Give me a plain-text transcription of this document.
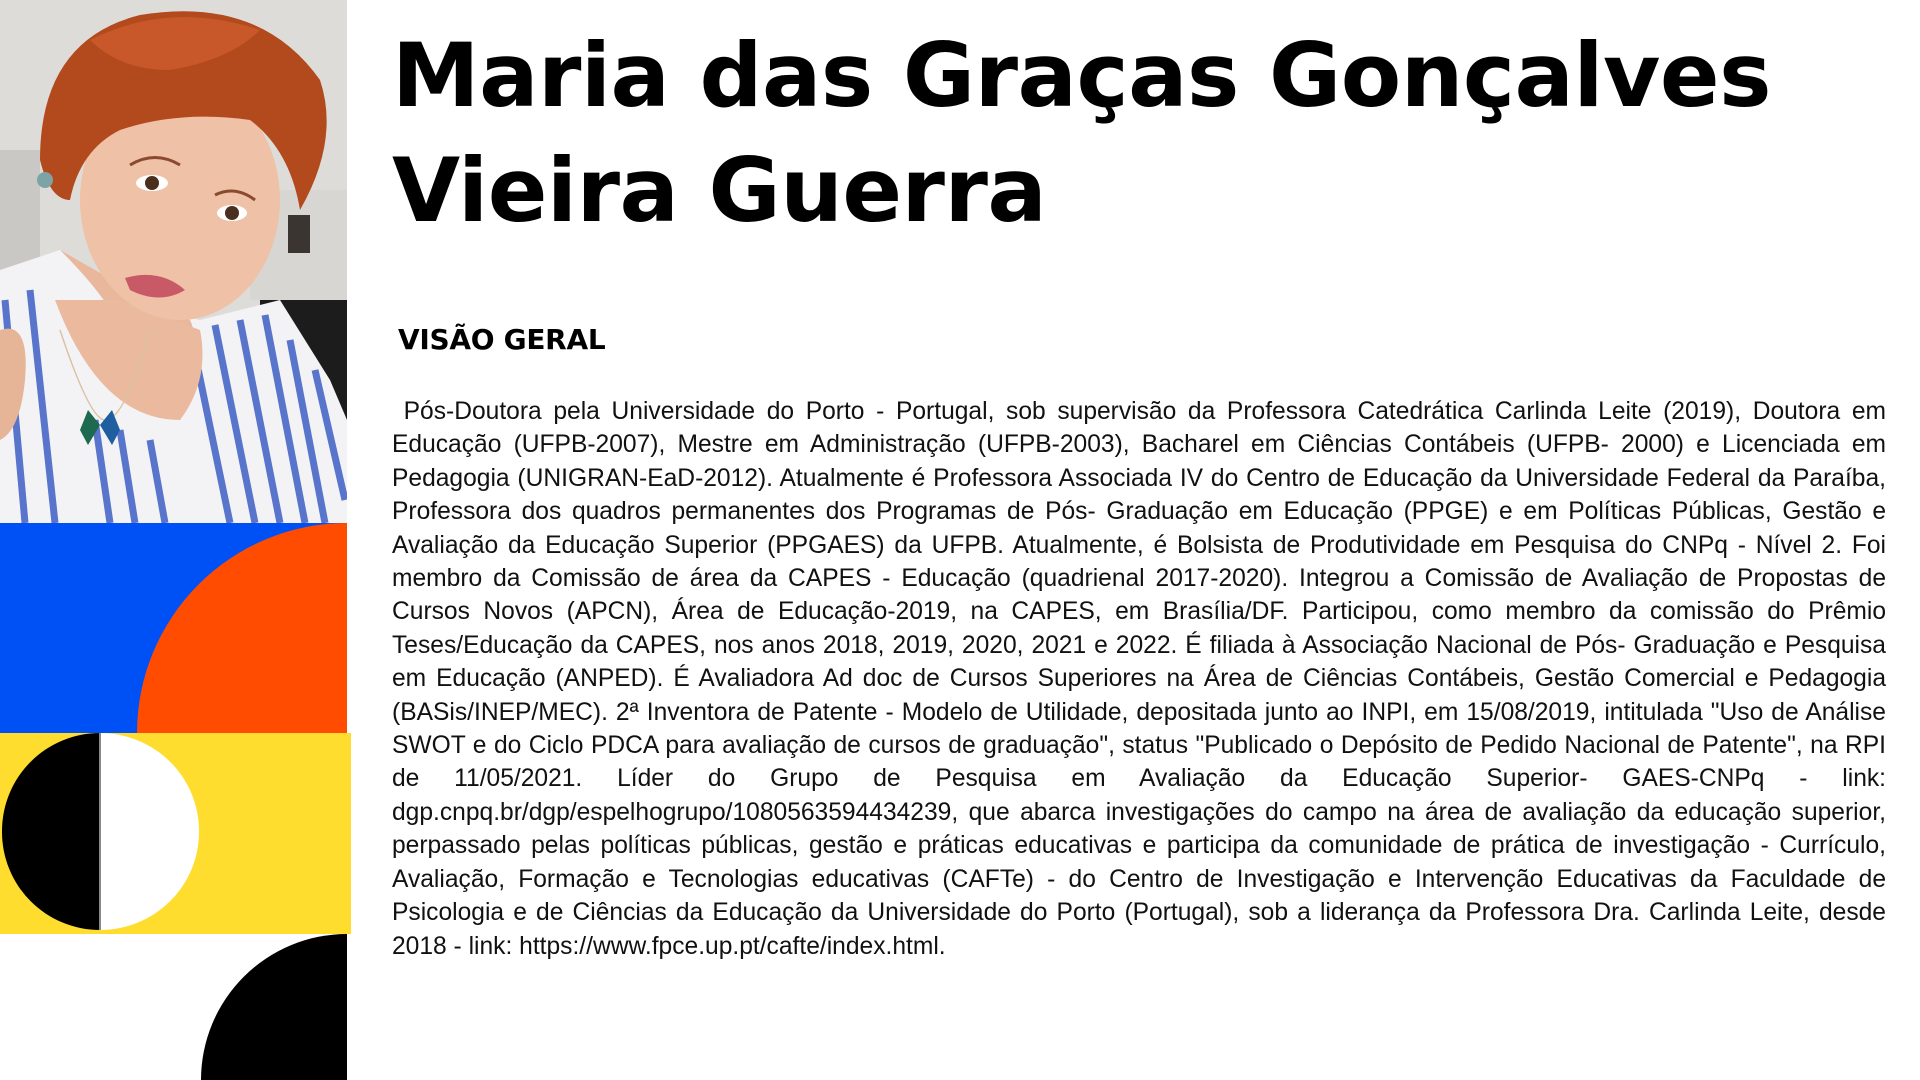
Maria das Graças Gonçalves
Vieira Guerra
VISÃO GERAL

Pós-Doutora pela Universidade do Porto - Portugal, sob supervisão da Professora Catedrática Carlinda Leite (2019), Doutora em Educação (UFPB-2007), Mestre em Administração (UFPB-2003), Bacharel em Ciências Contábeis (UFPB- 2000) e Licenciada em Pedagogia (UNIGRAN-EaD-2012). Atualmente é Professora Associada IV do Centro de Educação da Universidade Federal da Paraíba, Professora dos quadros permanentes dos Programas de Pós- Graduação em Educação (PPGE) e em Políticas Públicas, Gestão e Avaliação da Educação Superior (PPGAES) da UFPB. Atualmente, é Bolsista de Produtividade em Pesquisa do CNPq - Nível 2. Foi membro da Comissão de área da CAPES - Educação (quadrienal 2017-2020). Integrou a Comissão de Avaliação de Propostas de Cursos Novos (APCN), Área de Educação-2019, na CAPES, em Brasília/DF. Participou, como membro da comissão do Prêmio Teses/Educação da CAPES, nos anos 2018, 2019, 2020, 2021 e 2022. É filiada à Associação Nacional de Pós- Graduação e Pesquisa em Educação (ANPED). É Avaliadora Ad doc de Cursos Superiores na Área de Ciências Contábeis, Gestão Comercial e Pedagogia (BASis/INEP/MEC). 2ª Inventora de Patente - Modelo de Utilidade, depositada junto ao INPI, em 15/08/2019, intitulada "Uso de Análise SWOT e do Ciclo PDCA para avaliação de cursos de graduação", status "Publicado o Depósito de Pedido Nacional de Patente", na RPI de 11/05/2021. Líder do Grupo de Pesquisa em Avaliação da Educação Superior- GAES-CNPq - link: dgp.cnpq.br/dgp/espelhogrupo/1080563594434239, que abarca investigações do campo na área de avaliação da educação superior, perpassado pelas políticas públicas, gestão e práticas educativas e participa da comunidade de prática de investigação - Currículo, Avaliação, Formação e Tecnologias educativas (CAFTe) - do Centro de Investigação e Intervenção Educativas da Faculdade de Psicologia e de Ciências da Educação da Universidade do Porto (Portugal), sob a liderança da Professora Dra. Carlinda Leite, desde 2018 - link: https://www.fpce.up.pt/cafte/index.html.
